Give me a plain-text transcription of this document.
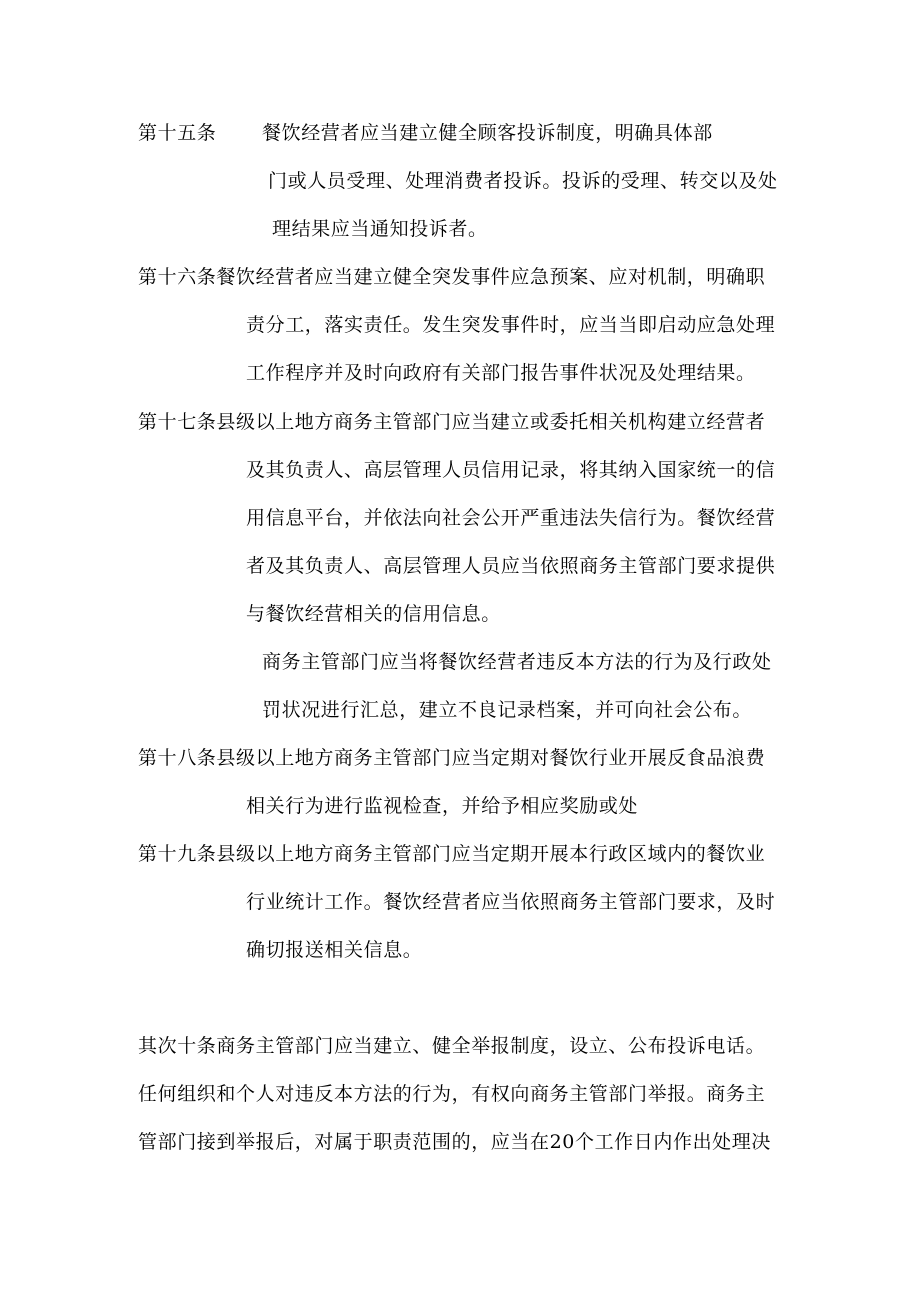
第十五条 餐饮经营者应当建立健全顾客投诉制度，明确具体部
门或人员受理、处理消费者投诉。投诉的受理、转交以及处
理结果应当通知投诉者。
第十六条餐饮经营者应当建立健全突发事件应急预案、应对机制，明确职
责分工，落实责任。发生突发事件时，应当当即启动应急处理
工作程序并及时向政府有关部门报告事件状况及处理结果。
第十七条县级以上地方商务主管部门应当建立或委托相关机构建立经营者
及其负责人、高层管理人员信用记录，将其纳入国家统一的信
用信息平台，并依法向社会公开严重违法失信行为。餐饮经营
者及其负责人、高层管理人员应当依照商务主管部门要求提供
与餐饮经营相关的信用信息。
商务主管部门应当将餐饮经营者违反本方法的行为及行政处
罚状况进行汇总，建立不良记录档案，并可向社会公布。
第十八条县级以上地方商务主管部门应当定期对餐饮行业开展反食品浪费
相关行为进行监视检查，并给予相应奖励或处
第十九条县级以上地方商务主管部门应当定期开展本行政区域内的餐饮业
行业统计工作。餐饮经营者应当依照商务主管部门要求，及时
确切报送相关信息。
其次十条商务主管部门应当建立、健全举报制度，设立、公布投诉电话。
任何组织和个人对违反本方法的行为，有权向商务主管部门举报。商务主
管部门接到举报后，对属于职责范围的，应当在20个工作日内作出处理决
